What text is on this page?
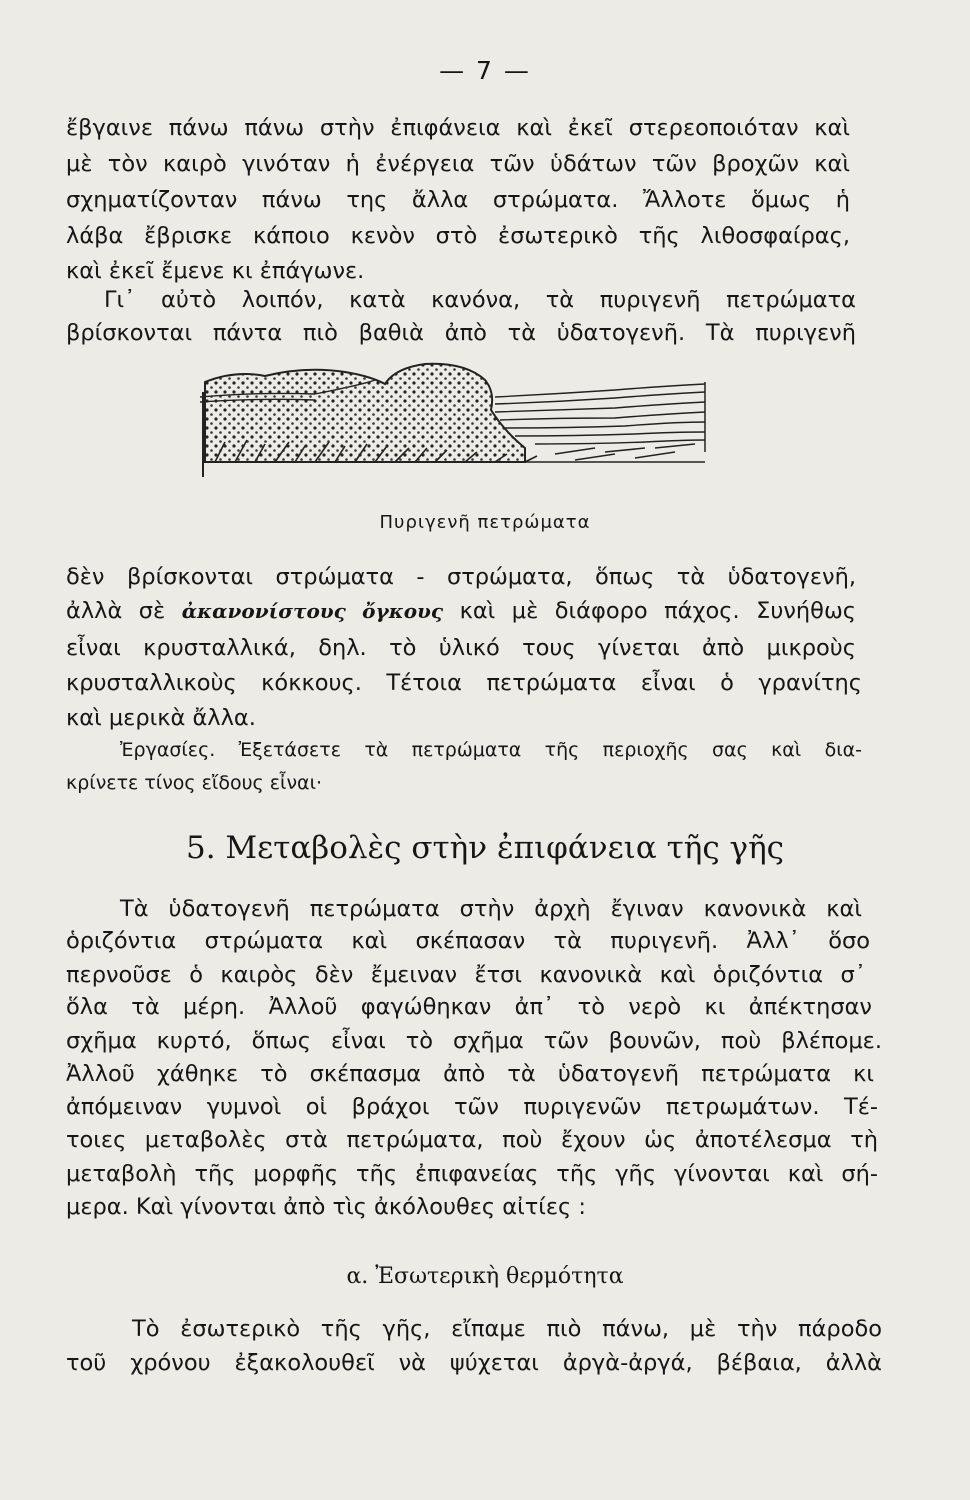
— 7 —
ἔβγαινε πάνω πάνω στὴν ἐπιφάνεια καὶ ἐκεῖ στερεοποιόταν καὶ
μὲ τὸν καιρὸ γινόταν ἡ ἐνέργεια τῶν ὑδάτων τῶν βροχῶν καὶ
σχηματίζονταν πάνω της ἄλλα στρώματα. Ἄλλοτε ὅμως ἡ
λάβα ἔβρισκε κάποιο κενὸν στὸ ἐσωτερικὸ τῆς λιθοσφαίρας,
καὶ ἐκεῖ ἔμενε κι ἐπάγωνε.
Γι᾿ αὐτὸ λοιπόν, κατὰ κανόνα, τὰ πυριγενῆ πετρώματα
βρίσκονται πάντα πιὸ βαθιὰ ἀπὸ τὰ ὑδατογενῆ. Τὰ πυριγενῆ
Πυριγενῆ πετρώματα
δὲν βρίσκονται στρώματα - στρώματα, ὅπως τὰ ὑδατογενῆ,
ἀλλὰ σὲ ἀκανονίστους ὄγκους καὶ μὲ διάφορο πάχος. Συνήθως
εἶναι κρυσταλλικά, δηλ. τὸ ὑλικό τους γίνεται ἀπὸ μικροὺς
κρυσταλλικοὺς κόκκους. Τέτοια πετρώματα εἶναι ὁ γρανίτης
καὶ μερικὰ ἄλλα.
Ἐργασίες. Ἐξετάσετε τὰ πετρώματα τῆς περιοχῆς σας καὶ δια-
κρίνετε τίνος εἴδους εἶναι·
5. Μεταβολὲς στὴν ἐπιφάνεια τῆς γῆς
Τὰ ὑδατογενῆ πετρώματα στὴν ἀρχὴ ἔγιναν κανονικὰ καὶ
ὁριζόντια στρώματα καὶ σκέπασαν τὰ πυριγενῆ. Ἀλλ᾿ ὅσο
περνοῦσε ὁ καιρὸς δὲν ἔμειναν ἔτσι κανονικὰ καὶ ὁριζόντια σ᾿
ὅλα τὰ μέρη. Ἀλλοῦ φαγώθηκαν ἀπ᾿ τὸ νερὸ κι ἀπέκτησαν
σχῆμα κυρτό, ὅπως εἶναι τὸ σχῆμα τῶν βουνῶν, ποὺ βλέπομε.
Ἀλλοῦ χάθηκε τὸ σκέπασμα ἀπὸ τὰ ὑδατογενῆ πετρώματα κι
ἀπόμειναν γυμνοὶ οἱ βράχοι τῶν πυριγενῶν πετρωμάτων. Τέ-
τοιες μεταβολὲς στὰ πετρώματα, ποὺ ἔχουν ὡς ἀποτέλεσμα τὴ
μεταβολὴ τῆς μορφῆς τῆς ἐπιφανείας τῆς γῆς γίνονται καὶ σή-
μερα. Καὶ γίνονται ἀπὸ τὶς ἀκόλουθες αἰτίες :
α. Ἐσωτερικὴ θερμότητα
Τὸ ἐσωτερικὸ τῆς γῆς, εἴπαμε πιὸ πάνω, μὲ τὴν πάροδο
τοῦ χρόνου ἐξακολουθεῖ νὰ ψύχεται ἀργὰ-ἀργά, βέβαια, ἀλλὰ
